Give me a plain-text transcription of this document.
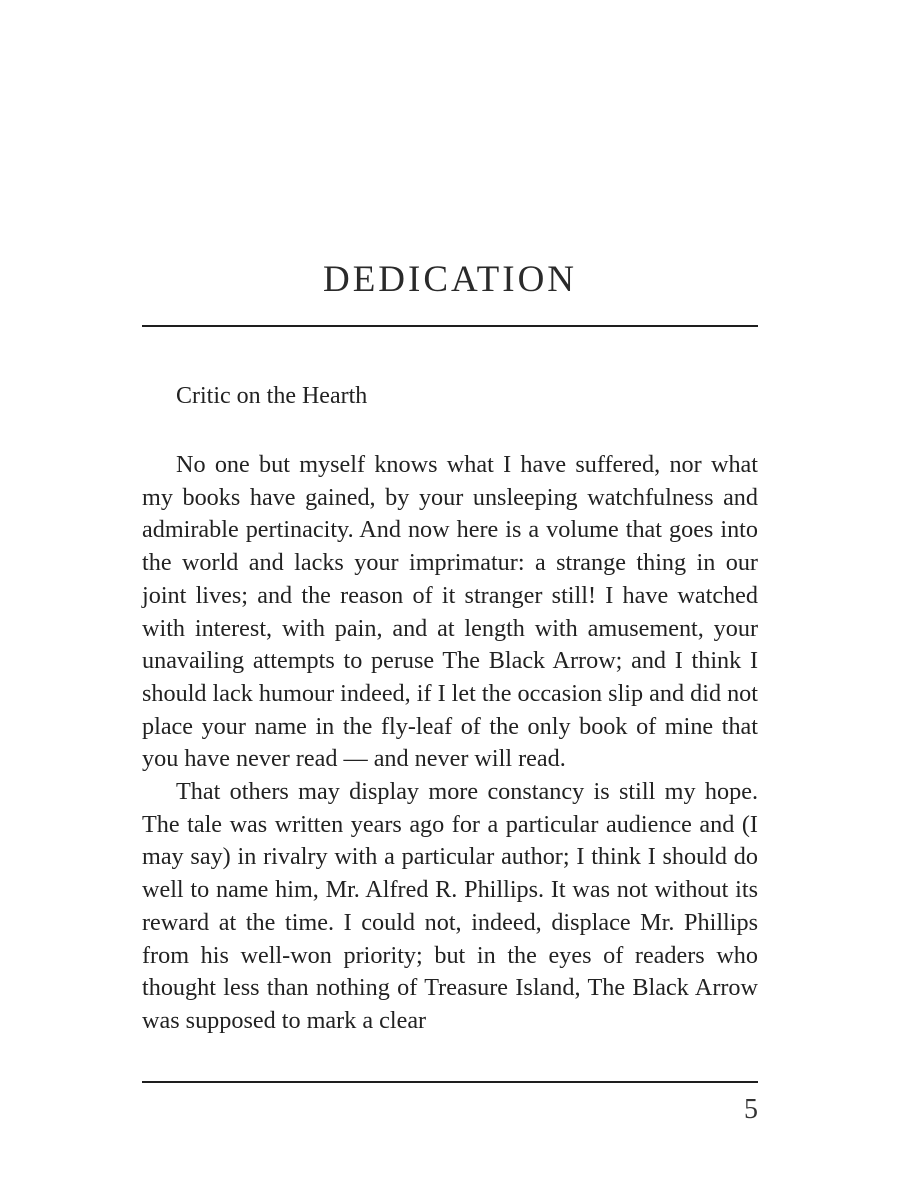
DEDICATION

Critic on the Hearth

No one but myself knows what I have suffered, nor what my books have gained, by your unsleeping watchfulness and admirable pertinacity. And now here is a volume that goes into the world and lacks your imprimatur: a strange thing in our joint lives; and the reason of it stranger still! I have watched with interest, with pain, and at length with amusement, your unavailing attempts to peruse The Black Arrow; and I think I should lack humour indeed, if I let the occasion slip and did not place your name in the fly-leaf of the only book of mine that you have never read — and never will read.

That others may display more constancy is still my hope. The tale was written years ago for a particular audience and (I may say) in rivalry with a particular author; I think I should do well to name him, Mr. Alfred R. Phillips. It was not without its reward at the time. I could not, indeed, displace Mr. Phillips from his well-won priority; but in the eyes of readers who thought less than nothing of Treasure Island, The Black Arrow was supposed to mark a clear

5
